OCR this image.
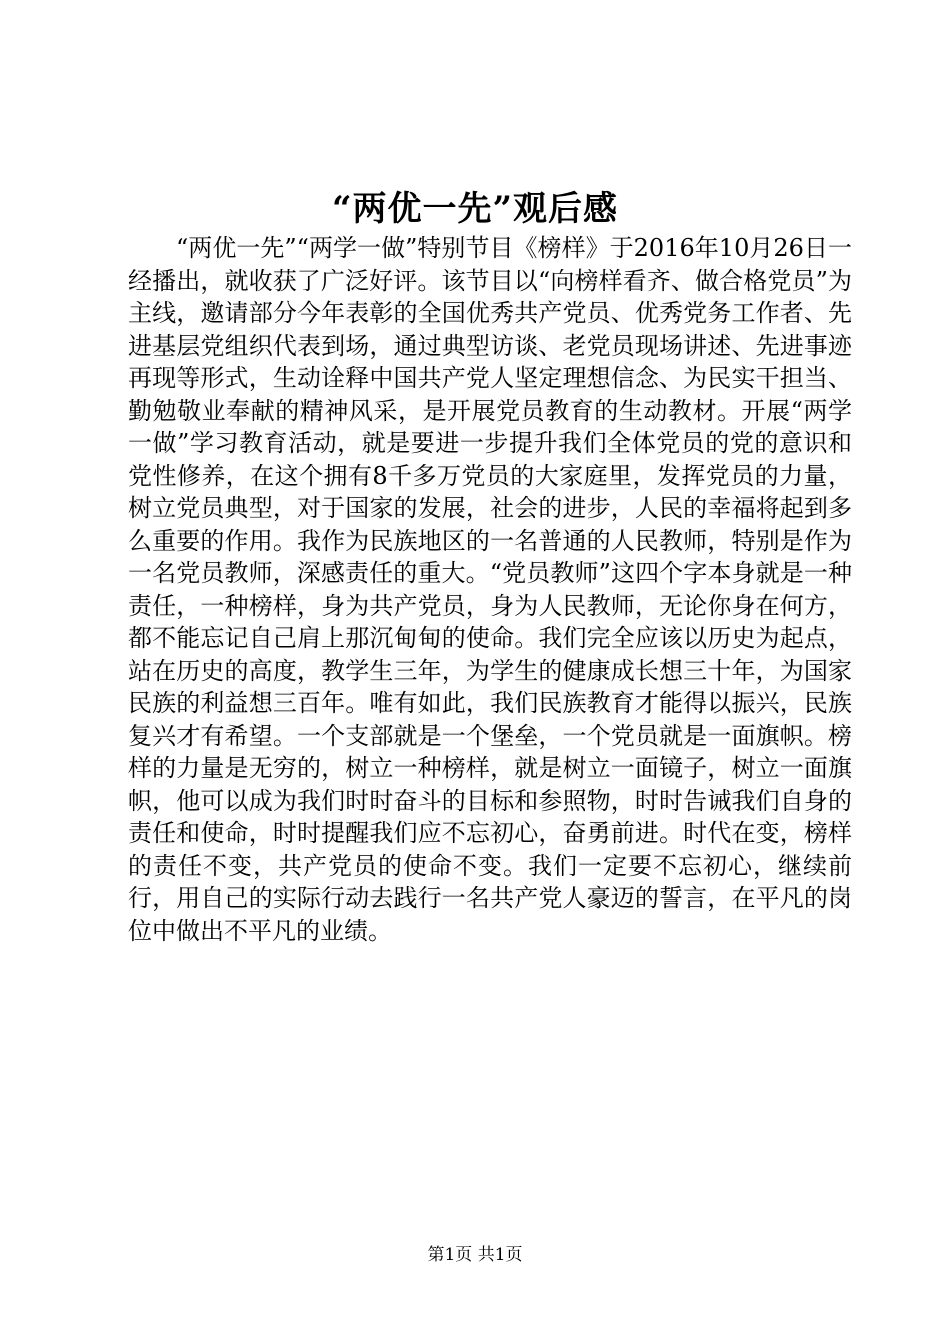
“两优一先”观后感

“两优一先”“两学一做”特别节目《榜样》于2016年10月26日一经播出，就收获了广泛好评。该节目以“向榜样看齐、做合格党员”为主线，邀请部分今年表彰的全国优秀共产党员、优秀党务工作者、先进基层党组织代表到场，通过典型访谈、老党员现场讲述、先进事迹再现等形式，生动诠释中国共产党人坚定理想信念、为民实干担当、勤勉敬业奉献的精神风采，是开展党员教育的生动教材。开展“两学一做”学习教育活动，就是要进一步提升我们全体党员的党的意识和党性修养，在这个拥有8千多万党员的大家庭里，发挥党员的力量，树立党员典型，对于国家的发展，社会的进步，人民的幸福将起到多么重要的作用。我作为民族地区的一名普通的人民教师，特别是作为一名党员教师，深感责任的重大。“党员教师”这四个字本身就是一种责任，一种榜样，身为共产党员，身为人民教师，无论你身在何方，都不能忘记自己肩上那沉甸甸的使命。我们完全应该以历史为起点，站在历史的高度，教学生三年，为学生的健康成长想三十年，为国家民族的利益想三百年。唯有如此，我们民族教育才能得以振兴，民族复兴才有希望。一个支部就是一个堡垒，一个党员就是一面旗帜。榜样的力量是无穷的，树立一种榜样，就是树立一面镜子，树立一面旗帜，他可以成为我们时时奋斗的目标和参照物，时时告诫我们自身的责任和使命，时时提醒我们应不忘初心，奋勇前进。时代在变，榜样的责任不变，共产党员的使命不变。我们一定要不忘初心，继续前行，用自己的实际行动去践行一名共产党人豪迈的誓言，在平凡的岗位中做出不平凡的业绩。

第1页 共1页
